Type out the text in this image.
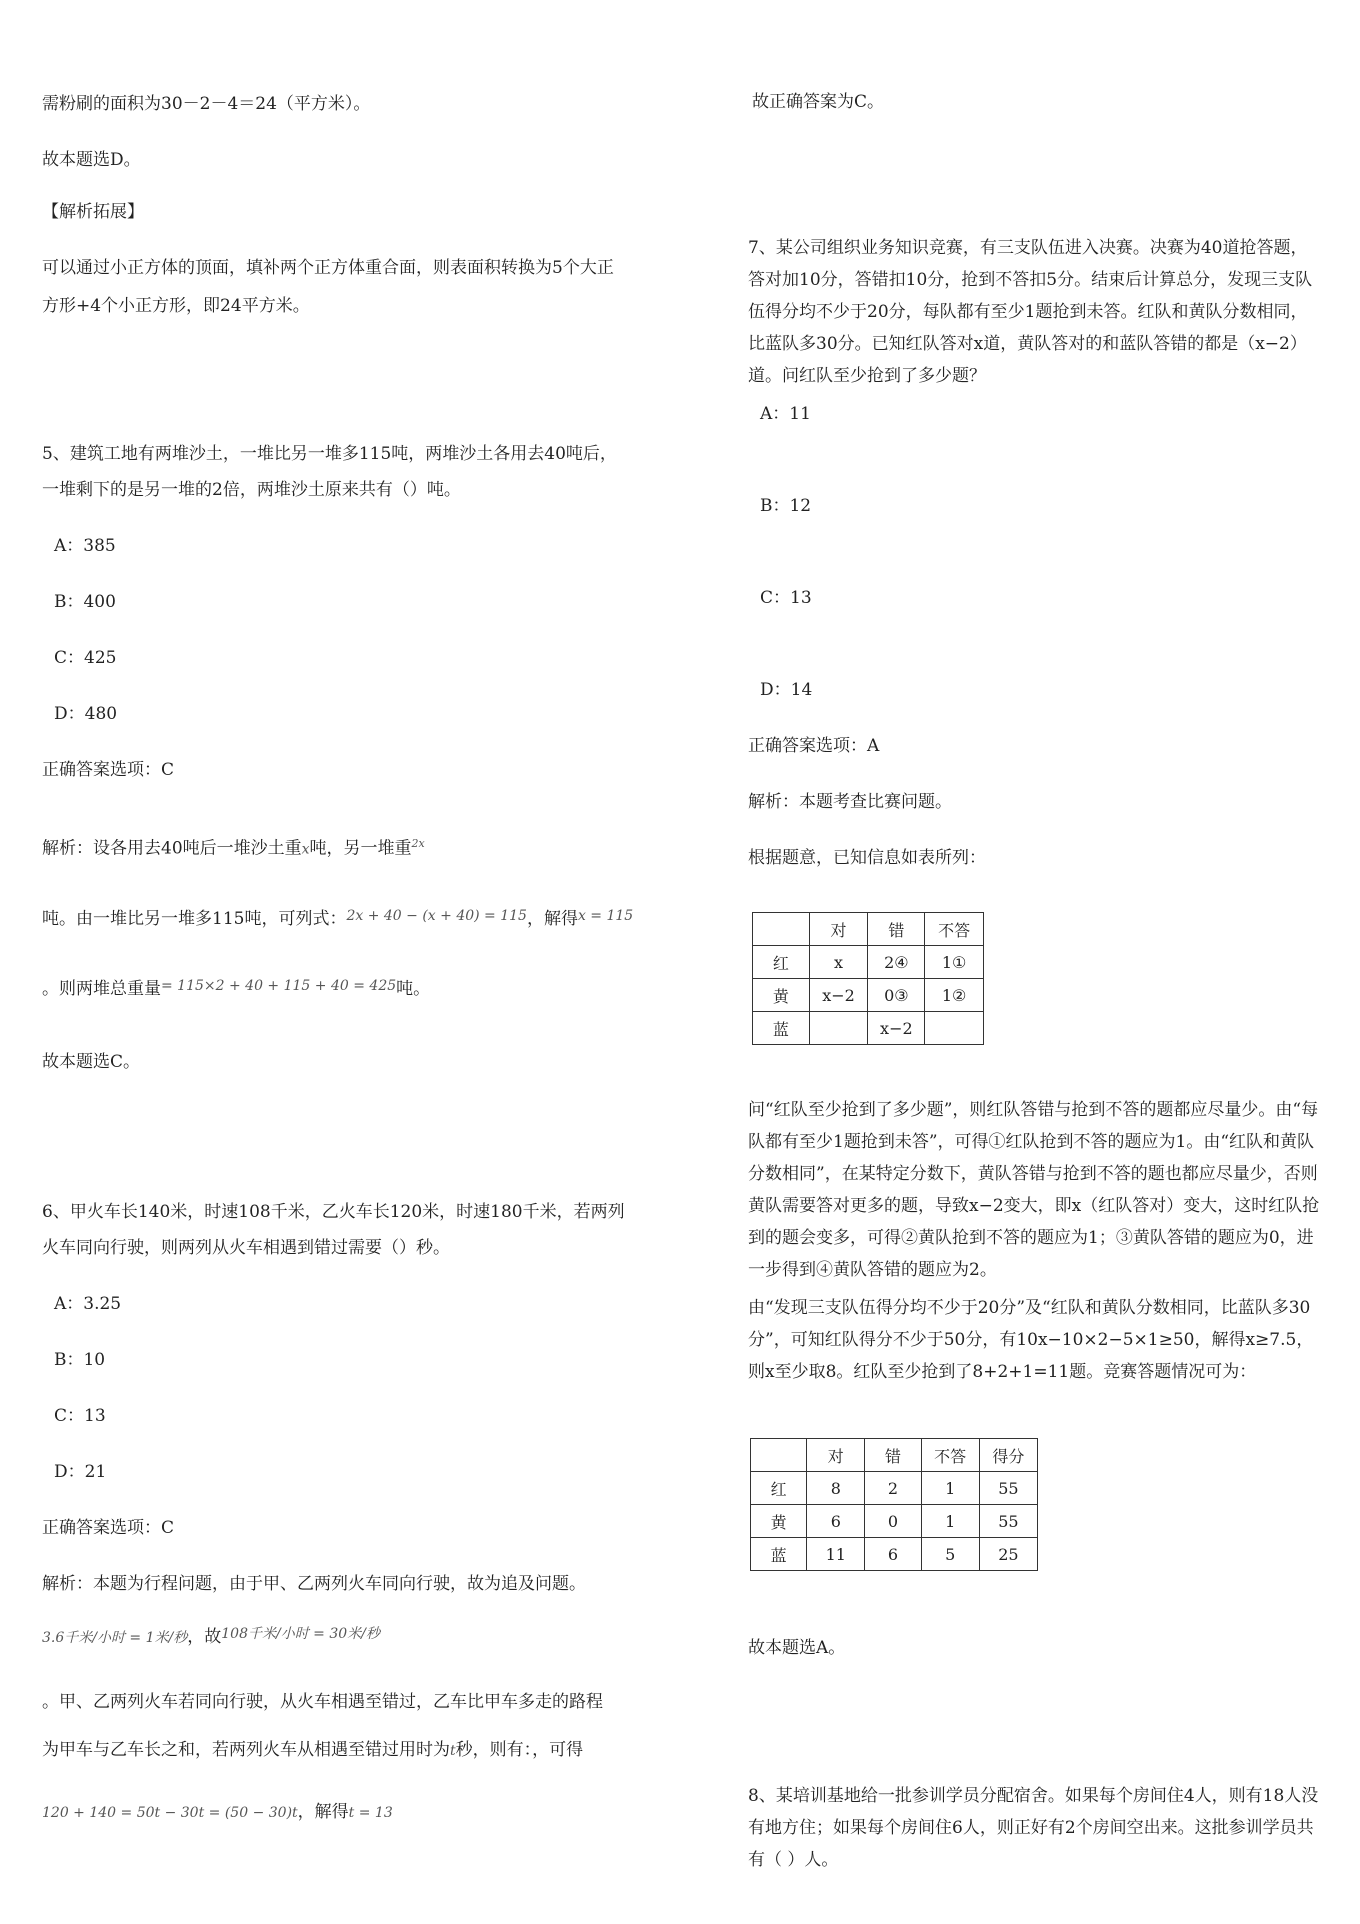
需粉刷的面积为30－2－4＝24（平方米）。
故本题选D。
【解析拓展】
可以通过小正方体的顶面，填补两个正方体重合面，则表面积转换为5个大正
方形+4个小正方形，即24平方米。
5、建筑工地有两堆沙土，一堆比另一堆多115吨，两堆沙土各用去40吨后，
一堆剩下的是另一堆的2倍，两堆沙土原来共有（）吨。
A：385
B：400
C：425
D：480
正确答案选项：C
解析：设各用去40吨后一堆沙土重x吨，另一堆重$^{2x}$
吨。由一堆比另一堆多115吨，可列式：$^{2x + 40 - (x + 40) = 115}$，解得$^{x = 115}$
。则两堆总重量$^{= 115\times 2 + 40 + 115 + 40 = 425}$吨。
故本题选C。
6、甲火车长140米，时速108千米，乙火车长120米，时速180千米，若两列
火车同向行驶，则两列从火车相遇到错过需要（）秒。
A：3.25
B：10
C：13
D：21
正确答案选项：C
解析：本题为行程问题，由于甲、乙两列火车同向行驶，故为追及问题。
3.6千米/小时 = 1米/秒，故$^{108千米/小时 = 30米/秒}$
。甲、乙两列火车若同向行驶，从火车相遇至错过，乙车比甲车多走的路程
为甲车与乙车长之和，若两列火车从相遇至错过用时为t秒，则有：，可得
120 + 140 = 50t − 30t = (50 − 30)t，解得t = 13
故正确答案为C。
7、某公司组织业务知识竞赛，有三支队伍进入决赛。决赛为40道抢答题，答对加10分，答错扣10分，抢到不答扣5分。结束后计算总分，发现三支队伍得分均不少于20分，每队都有至少1题抢到未答。红队和黄队分数相同，比蓝队多30分。已知红队答对x道，黄队答对的和蓝队答错的都是（x−2）道。问红队至少抢到了多少题？
A：11
B：12
C：13
D：14
正确答案选项：A
解析：本题考查比赛问题。
根据题意，已知信息如表所列：
	对	错	不答
红	x	2④	1①
黄	x−2	0③	1②
蓝		x−2	
问“红队至少抢到了多少题”，则红队答错与抢到不答的题都应尽量少。由“每队都有至少1题抢到未答”，可得①红队抢到不答的题应为1。由“红队和黄队分数相同”，在某特定分数下，黄队答错与抢到不答的题也都应尽量少，否则黄队需要答对更多的题，导致x−2变大，即x（红队答对）变大，这时红队抢到的题会变多，可得②黄队抢到不答的题应为1；③黄队答错的题应为0，进一步得到④黄队答错的题应为2。
由“发现三支队伍得分均不少于20分”及“红队和黄队分数相同，比蓝队多30分”，可知红队得分不少于50分，有10x−10×2−5×1≥50，解得x≥7.5，则x至少取8。红队至少抢到了8+2+1=11题。竞赛答题情况可为：
	对	错	不答	得分
红	8	2	1	55
黄	6	0	1	55
蓝	11	6	5	25
故本题选A。
8、某培训基地给一批参训学员分配宿舍。如果每个房间住4人，则有18人没有地方住；如果每个房间住6人，则正好有2个房间空出来。这批参训学员共有（ ）人。
